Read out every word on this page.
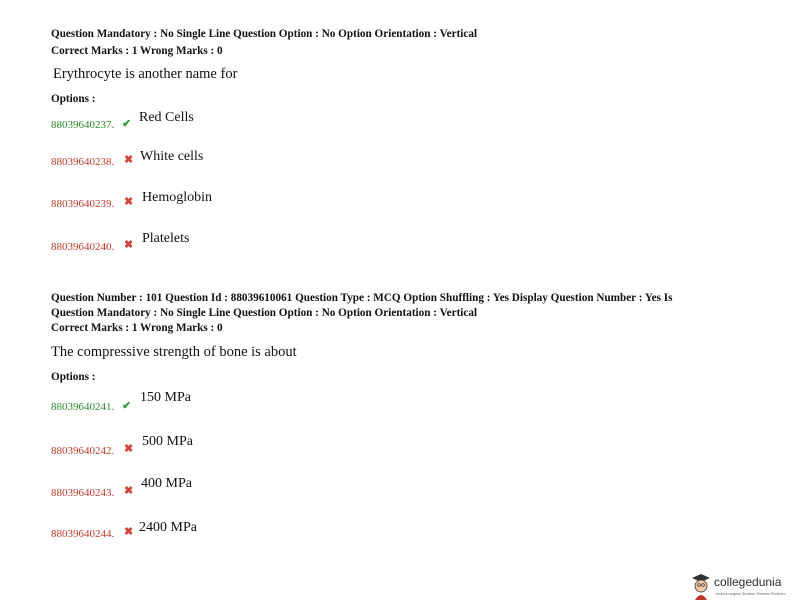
Question Mandatory : No Single Line Question Option : No Option Orientation : Vertical
Correct Marks : 1 Wrong Marks : 0
Erythrocyte is another name for
Options :
88039640237. ✔ Red Cells
88039640238. ✖ White cells
88039640239. ✖ Hemoglobin
88039640240. ✖ Platelets
Question Number : 101 Question Id : 88039610061 Question Type : MCQ Option Shuffling : Yes Display Question Number : Yes Is
Question Mandatory : No Single Line Question Option : No Option Orientation : Vertical
Correct Marks : 1 Wrong Marks : 0
The compressive strength of bone is about
Options :
88039640241. ✔
150 MPa
88039640242. ✖ 500 MPa
88039640243. ✖ 400 MPa
88039640244. ✖ 2400 MPa
collegedunia
India's largest Student Review Platform
